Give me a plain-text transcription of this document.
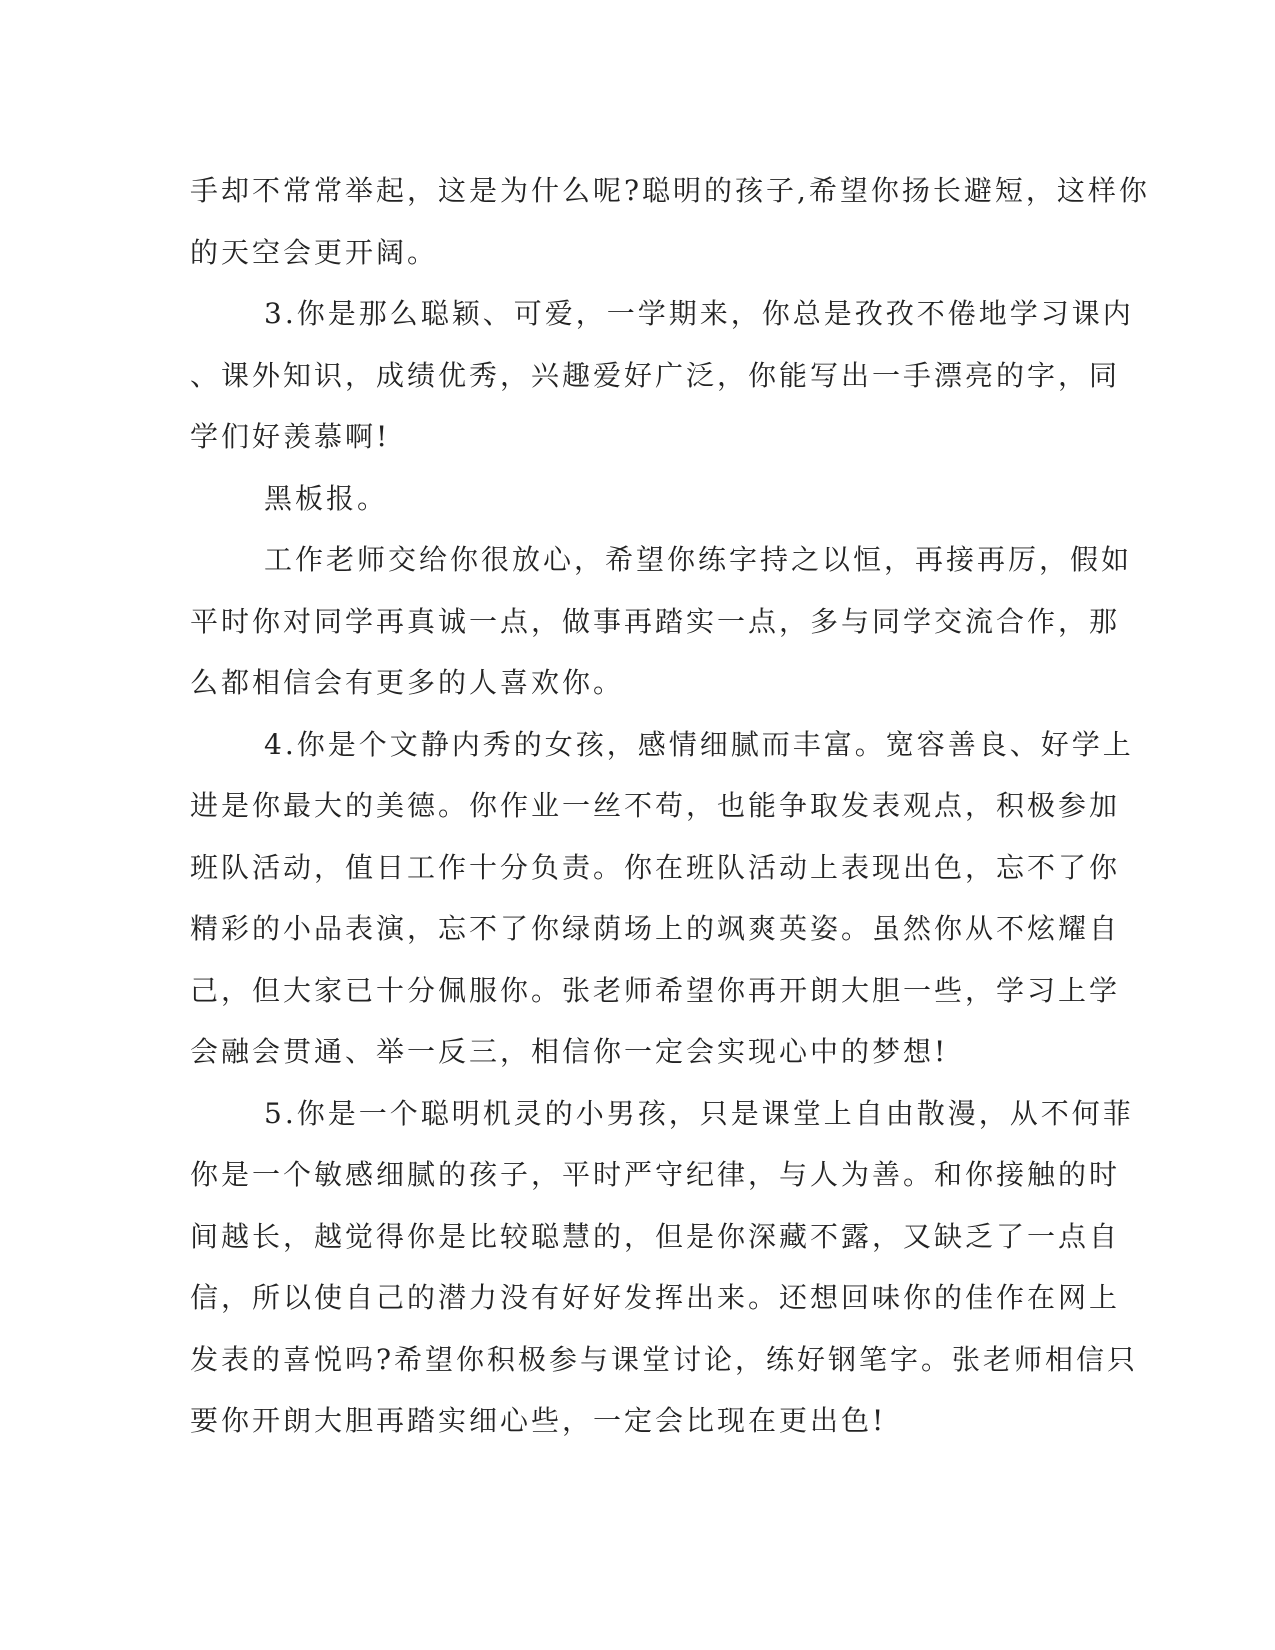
手却不常常举起，这是为什么呢?聪明的孩子,希望你扬长避短，这样你
的天空会更开阔。
3.你是那么聪颖、可爱，一学期来，你总是孜孜不倦地学习课内
、课外知识，成绩优秀，兴趣爱好广泛，你能写出一手漂亮的字，同
学们好羡慕啊!
黑板报。
工作老师交给你很放心，希望你练字持之以恒，再接再厉，假如
平时你对同学再真诚一点，做事再踏实一点，多与同学交流合作，那
么都相信会有更多的人喜欢你。
4.你是个文静内秀的女孩，感情细腻而丰富。宽容善良、好学上
进是你最大的美德。你作业一丝不苟，也能争取发表观点，积极参加
班队活动，值日工作十分负责。你在班队活动上表现出色，忘不了你
精彩的小品表演，忘不了你绿荫场上的飒爽英姿。虽然你从不炫耀自
己，但大家已十分佩服你。张老师希望你再开朗大胆一些，学习上学
会融会贯通、举一反三，相信你一定会实现心中的梦想!
5.你是一个聪明机灵的小男孩，只是课堂上自由散漫，从不何菲
你是一个敏感细腻的孩子，平时严守纪律，与人为善。和你接触的时
间越长，越觉得你是比较聪慧的，但是你深藏不露，又缺乏了一点自
信，所以使自己的潜力没有好好发挥出来。还想回味你的佳作在网上
发表的喜悦吗?希望你积极参与课堂讨论，练好钢笔字。张老师相信只
要你开朗大胆再踏实细心些，一定会比现在更出色!
